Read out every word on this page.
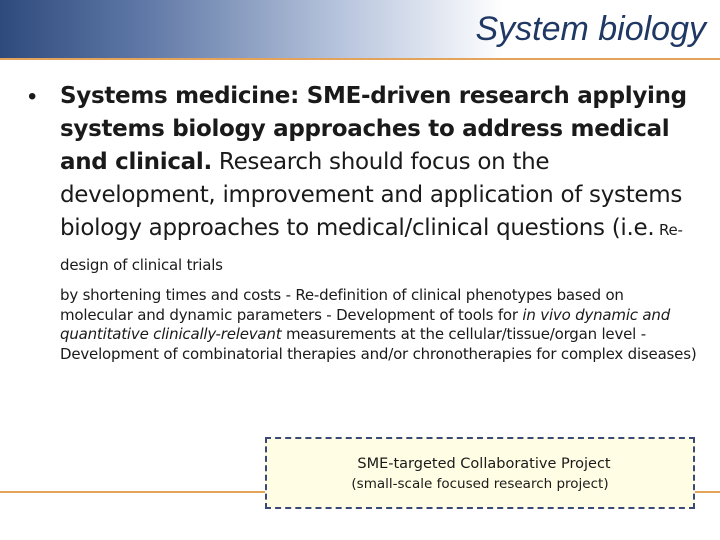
System biology
• Systems medicine: SME-driven research applying systems biology approaches to address medical and clinical. Research should focus on the development, improvement and application of systems biology approaches to medical/clinical questions (i.e. Re-design of clinical trials

by shortening times and costs - Re-definition of clinical phenotypes based on molecular and dynamic parameters - Development of tools for in vivo dynamic and quantitative clinically-relevant measurements at the cellular/tissue/organ level - Development of combinatorial therapies and/or chronotherapies for complex diseases)

SME-targeted Collaborative Project
(small-scale focused research project)
